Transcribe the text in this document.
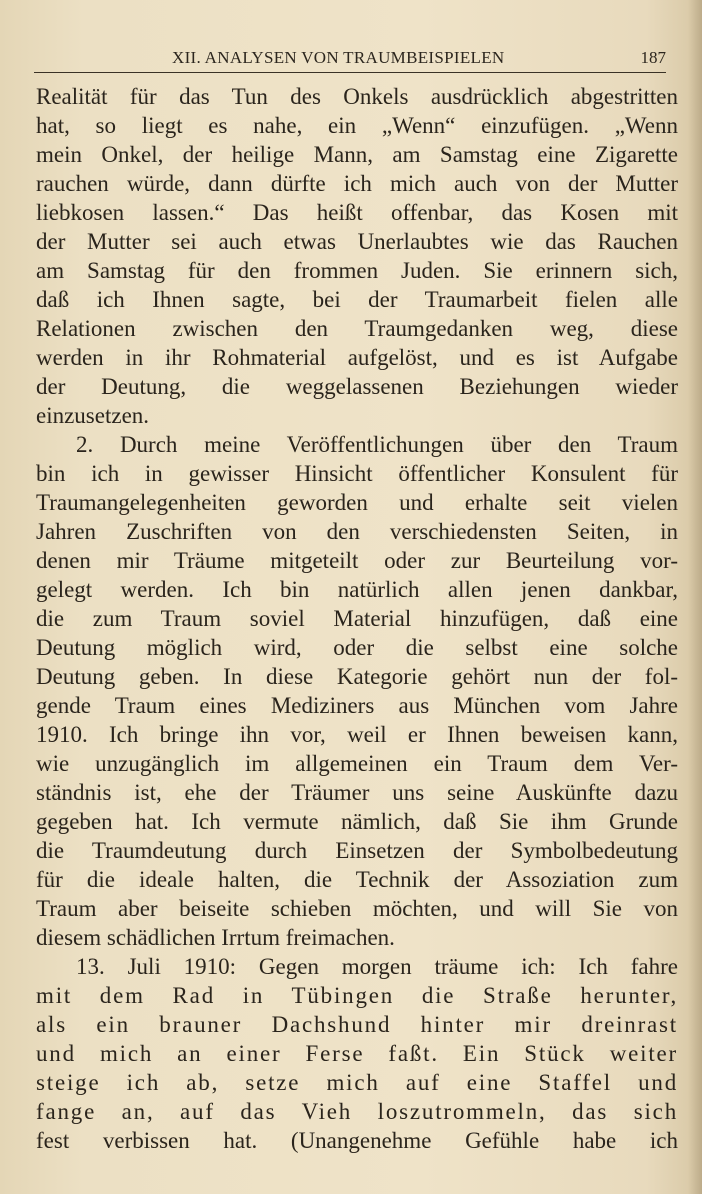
XII. ANALYSEN VON TRAUMBEISPIELEN	187
Realität für das Tun des Onkels ausdrücklich abgestritten
hat, so liegt es nahe, ein „Wenn“ einzufügen. „Wenn
mein Onkel, der heilige Mann, am Samstag eine Zigarette
rauchen würde, dann dürfte ich mich auch von der Mutter
liebkosen lassen.“ Das heißt offenbar, das Kosen mit
der Mutter sei auch etwas Unerlaubtes wie das Rauchen
am Samstag für den frommen Juden. Sie erinnern sich,
daß ich Ihnen sagte, bei der Traumarbeit fielen alle
Relationen zwischen den Traumgedanken weg, diese
werden in ihr Rohmaterial aufgelöst, und es ist Aufgabe
der Deutung, die weggelassenen Beziehungen wieder
einzusetzen.
2. Durch meine Veröffentlichungen über den Traum
bin ich in gewisser Hinsicht öffentlicher Konsulent für
Traumangelegenheiten geworden und erhalte seit vielen
Jahren Zuschriften von den verschiedensten Seiten, in
denen mir Träume mitgeteilt oder zur Beurteilung vor-
gelegt werden. Ich bin natürlich allen jenen dankbar,
die zum Traum soviel Material hinzufügen, daß eine
Deutung möglich wird, oder die selbst eine solche
Deutung geben. In diese Kategorie gehört nun der fol-
gende Traum eines Mediziners aus München vom Jahre
1910. Ich bringe ihn vor, weil er Ihnen beweisen kann,
wie unzugänglich im allgemeinen ein Traum dem Ver-
ständnis ist, ehe der Träumer uns seine Auskünfte dazu
gegeben hat. Ich vermute nämlich, daß Sie ihm Grunde
die Traumdeutung durch Einsetzen der Symbolbedeutung
für die ideale halten, die Technik der Assoziation zum
Traum aber beiseite schieben möchten, und will Sie von
diesem schädlichen Irrtum freimachen.
13. Juli 1910: Gegen morgen träume ich: Ich fahre
mit dem Rad in Tübingen die Straße herunter,
als ein brauner Dachshund hinter mir dreinrast
und mich an einer Ferse faßt. Ein Stück weiter
steige ich ab, setze mich auf eine Staffel und
fange an, auf das Vieh loszutrommeln, das sich
fest verbissen hat. (Unangenehme Gefühle habe ich
